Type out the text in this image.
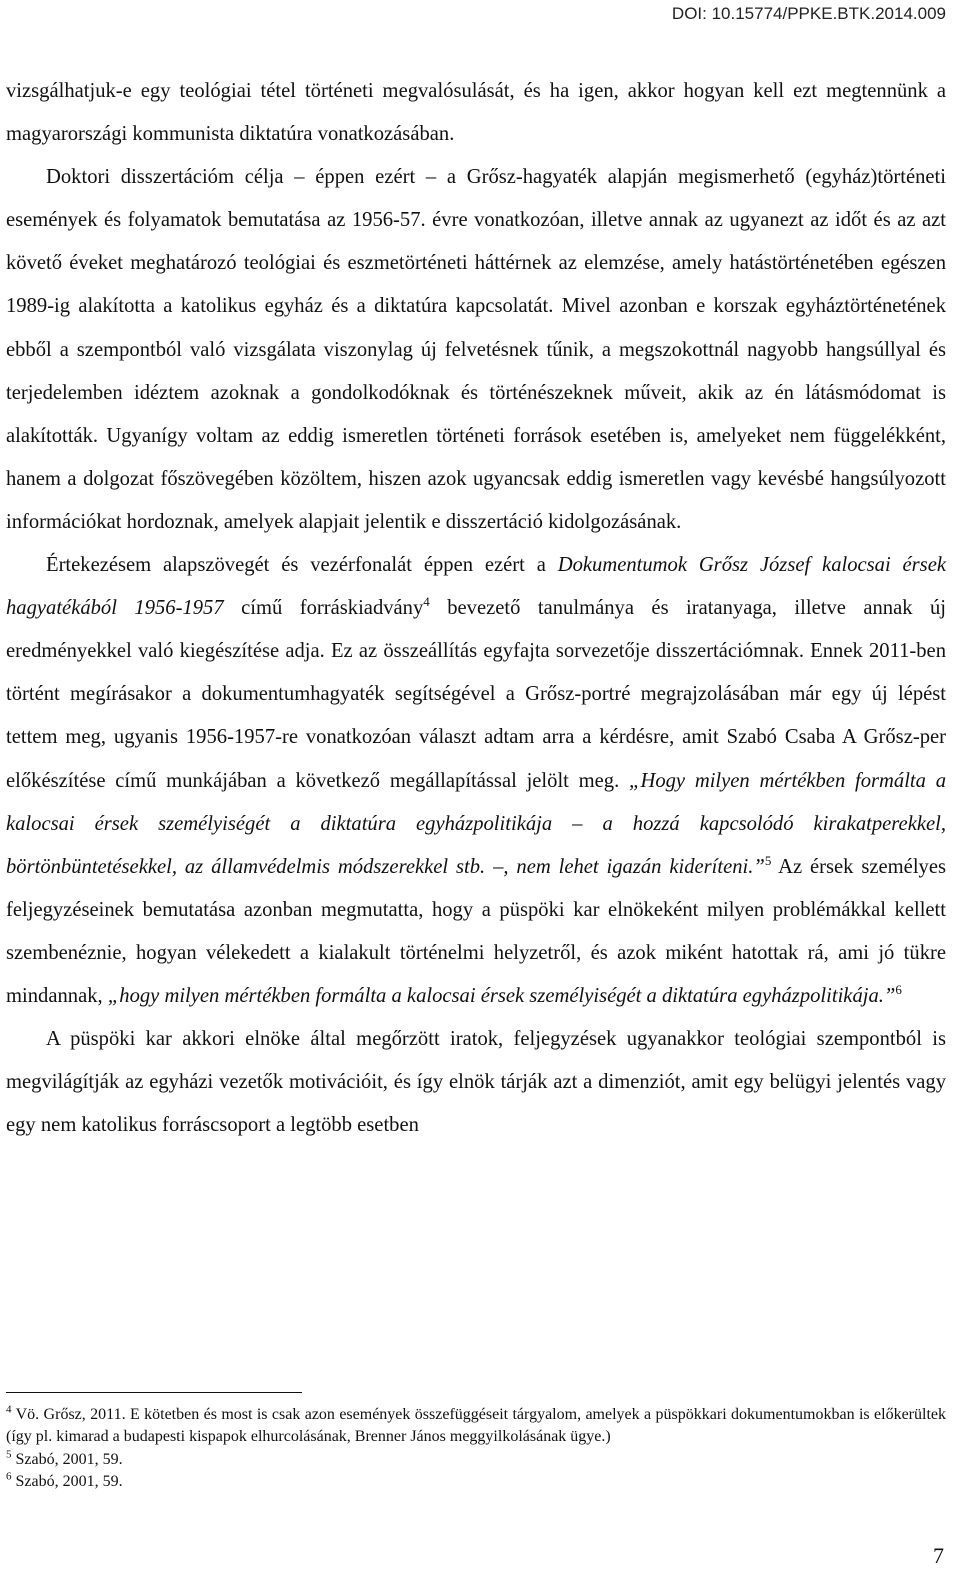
DOI: 10.15774/PPKE.BTK.2014.009

vizsgálhatjuk-e egy teológiai tétel történeti megvalósulását, és ha igen, akkor hogyan kell ezt megtennünk a magyarországi kommunista diktatúra vonatkozásában.

Doktori disszertációm célja – éppen ezért – a Grősz-hagyaték alapján megismerhető (egyház)történeti események és folyamatok bemutatása az 1956-57. évre vonatkozóan, illetve annak az ugyanezt az időt és az azt követő éveket meghatározó teológiai és eszmetörténeti háttérnek az elemzése, amely hatástörténetében egészen 1989-ig alakította a katolikus egyház és a diktatúra kapcsolatát. Mivel azonban e korszak egyháztörténetének ebből a szempontból való vizsgálata viszonylag új felvetésnek tűnik, a megszokottnál nagyobb hangsúllyal és terjedelemben idéztem azoknak a gondolkodóknak és történészeknek műveit, akik az én látásmódomat is alakították. Ugyanígy voltam az eddig ismeretlen történeti források esetében is, amelyeket nem függelékként, hanem a dolgozat főszövegében közöltem, hiszen azok ugyancsak eddig ismeretlen vagy kevésbé hangsúlyozott információkat hordoznak, amelyek alapjait jelentik e disszertáció kidolgozásának.

Értekezésem alapszövegét és vezérfonalát éppen ezért a Dokumentumok Grősz József kalocsai érsek hagyatékából 1956-1957 című forráskiadvány$^4$ bevezető tanulmánya és iratanyaga, illetve annak új eredményekkel való kiegészítése adja. Ez az összeállítás egyfajta sorvezetője disszertációmnak. Ennek 2011-ben történt megírásakor a dokumentumhagyaték segítségével a Grősz-portré megrajzolásában már egy új lépést tettem meg, ugyanis 1956-1957-re vonatkozóan választ adtam arra a kérdésre, amit Szabó Csaba A Grősz-per előkészítése című munkájában a következő megállapítással jelölt meg. „Hogy milyen mértékben formálta a kalocsai érsek személyiségét a diktatúra egyházpolitikája – a hozzá kapcsolódó kirakatperekkel, börtönbüntetésekkel, az államvédelmis módszerekkel stb. –, nem lehet igazán kideríteni.”$^5$ Az érsek személyes feljegyzéseinek bemutatása azonban megmutatta, hogy a püspöki kar elnökeként milyen problémákkal kellett szembenéznie, hogyan vélekedett a kialakult történelmi helyzetről, és azok miként hatottak rá, ami jó tükre mindannak, „hogy milyen mértékben formálta a kalocsai érsek személyiségét a diktatúra egyházpolitikája.”$^6$

A püspöki kar akkori elnöke által megőrzött iratok, feljegyzések ugyanakkor teológiai szempontból is megvilágítják az egyházi vezetők motivációit, és így elnök tárják azt a dimenziót, amit egy belügyi jelentés vagy egy nem katolikus forráscsoport a legtöbb esetben

$^4$ Vö. Grősz, 2011. E kötetben és most is csak azon események összefüggéseit tárgyalom, amelyek a püspökkari dokumentumokban is előkerültek (így pl. kimarad a budapesti kispapok elhurcolásának, Brenner János meggyilkolásának ügye.)

$^5$ Szabó, 2001, 59.

$^6$ Szabó, 2001, 59.

7
